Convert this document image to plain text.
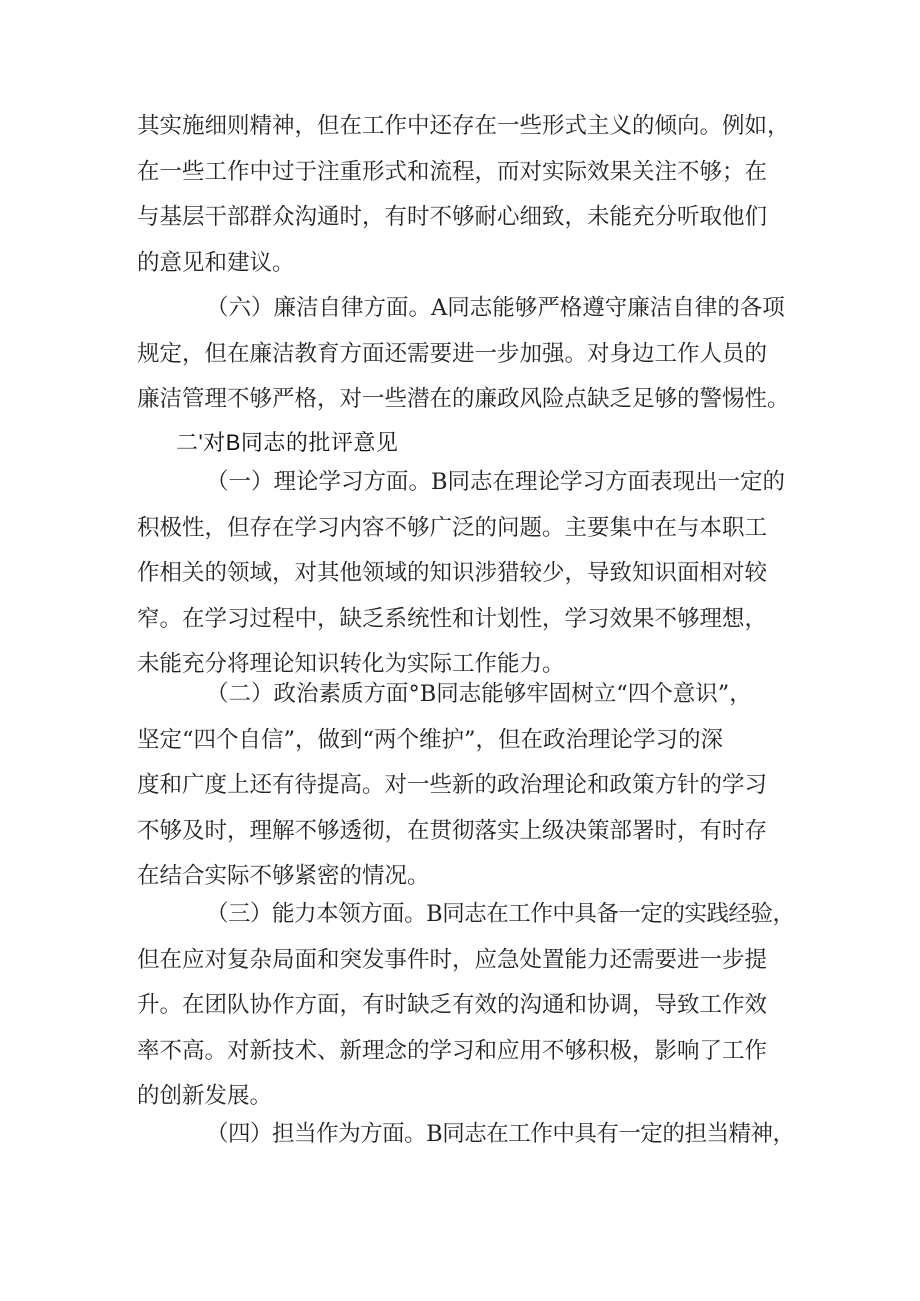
其实施细则精神，但在工作中还存在一些形式主义的倾向。例如，
在一些工作中过于注重形式和流程，而对实际效果关注不够；在
与基层干部群众沟通时，有时不够耐心细致，未能充分听取他们
的意见和建议。
（六）廉洁自律方面。A同志能够严格遵守廉洁自律的各项
规定，但在廉洁教育方面还需要进一步加强。对身边工作人员的
廉洁管理不够严格，对一些潜在的廉政风险点缺乏足够的警惕性。
二'对B同志的批评意见
（一）理论学习方面。B同志在理论学习方面表现出一定的
积极性，但存在学习内容不够广泛的问题。主要集中在与本职工
作相关的领域，对其他领域的知识涉猎较少，导致知识面相对较
窄。在学习过程中，缺乏系统性和计划性，学习效果不够理想，
未能充分将理论知识转化为实际工作能力。
（二）政治素质方面°B同志能够牢固树立“四个意识”，
坚定“四个自信”，做到“两个维护”，但在政治理论学习的深
度和广度上还有待提高。对一些新的政治理论和政策方针的学习
不够及时，理解不够透彻，在贯彻落实上级决策部署时，有时存
在结合实际不够紧密的情况。
（三）能力本领方面。B同志在工作中具备一定的实践经验，
但在应对复杂局面和突发事件时，应急处置能力还需要进一步提
升。在团队协作方面，有时缺乏有效的沟通和协调，导致工作效
率不高。对新技术、新理念的学习和应用不够积极，影响了工作
的创新发展。
（四）担当作为方面。B同志在工作中具有一定的担当精神，
